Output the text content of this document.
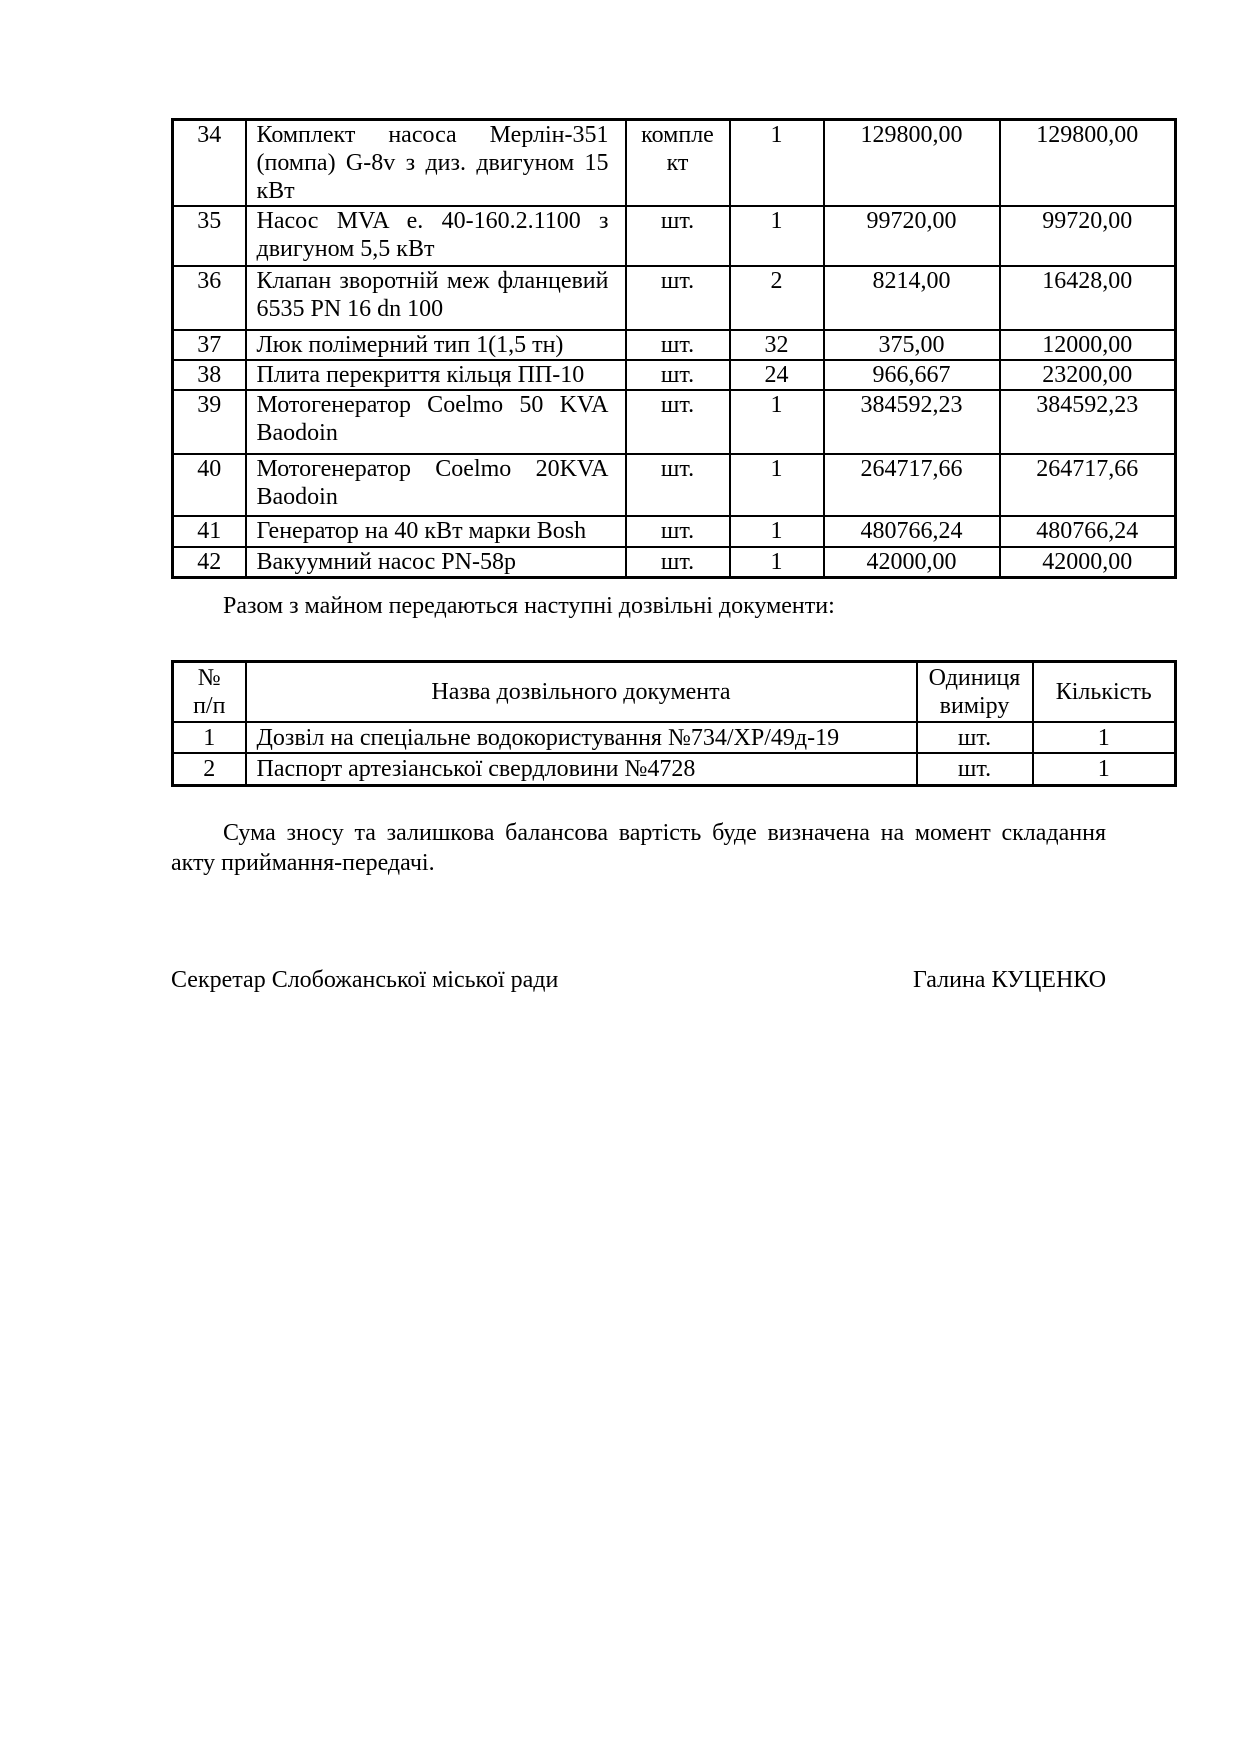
34	Комплект насоса Мерлін-351 (помпа) G-8v з диз. двигуном 15 кВт	комплект	1	129800,00	129800,00
35	Насос MVA е. 40-160.2.1100 з двигуном 5,5 кВт	шт.	1	99720,00	99720,00
36	Клапан зворотній меж фланцевий 6535 PN 16 dn 100	шт.	2	8214,00	16428,00
37	Люк полімерний тип 1(1,5 тн)	шт.	32	375,00	12000,00
38	Плита перекриття кільця ПП-10	шт.	24	966,667	23200,00
39	Мотогенератор Coelmo 50 KVA Baodoin	шт.	1	384592,23	384592,23
40	Мотогенератор Coelmo 20KVA Baodoin	шт.	1	264717,66	264717,66
41	Генератор на 40 кВт марки Bosh	шт.	1	480766,24	480766,24
42	Вакуумний насос PN-58р	шт.	1	42000,00	42000,00

Разом з майном передаються наступні дозвільні документи:

№ п/п	Назва дозвільного документа	Одиниця виміру	Кількість
1	Дозвіл на спеціальне водокористування №734/ХР/49д-19	шт.	1
2	Паспорт артезіанської свердловини №4728	шт.	1

Сума зносу та залишкова балансова вартість буде визначена на момент складання акту приймання-передачі.

Секретар Слобожанської міської ради	Галина КУЦЕНКО
